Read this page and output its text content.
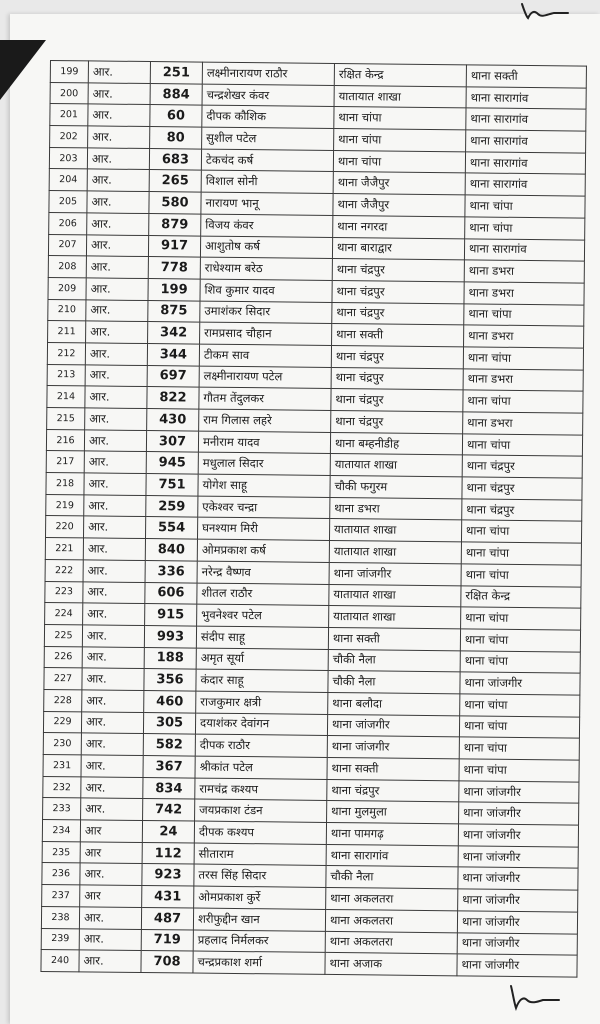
199	आर.	251	लक्ष्मीनारायण राठौर	रक्षित केन्द्र	थाना सक्ती
200	आर.	884	चन्द्रशेखर कंवर	यातायात शाखा	थाना सारागांव
201	आर.	60	दीपक कौशिक	थाना चांपा	थाना सारागांव
202	आर.	80	सुशील पटेल	थाना चांपा	थाना सारागांव
203	आर.	683	टेकचंद कर्ष	थाना चांपा	थाना सारागांव
204	आर.	265	विशाल सोनी	थाना जैजैपुर	थाना सारागांव
205	आर.	580	नारायण भानू	थाना जैजैपुर	थाना चांपा
206	आर.	879	विजय कंवर	थाना नगरदा	थाना चांपा
207	आर.	917	आशुतोष कर्ष	थाना बाराद्वार	थाना सारागांव
208	आर.	778	राधेश्याम बरेठ	थाना चंद्रपुर	थाना डभरा
209	आर.	199	शिव कुमार यादव	थाना चंद्रपुर	थाना डभरा
210	आर.	875	उमाशंकर सिदार	थाना चंद्रपुर	थाना चांपा
211	आर.	342	रामप्रसाद चौहान	थाना सक्ती	थाना डभरा
212	आर.	344	टीकम साव	थाना चंद्रपुर	थाना चांपा
213	आर.	697	लक्ष्मीनारायण पटेल	थाना चंद्रपुर	थाना डभरा
214	आर.	822	गौतम तेंदुलकर	थाना चंद्रपुर	थाना चांपा
215	आर.	430	राम गिलास लहरे	थाना चंद्रपुर	थाना डभरा
216	आर.	307	मनीराम यादव	थाना बम्हनीडीह	थाना चांपा
217	आर.	945	मधुलाल सिदार	यातायात शाखा	थाना चंद्रपुर
218	आर.	751	योगेश साहू	चौकी फगुरम	थाना चंद्रपुर
219	आर.	259	एकेश्वर चन्द्रा	थाना डभरा	थाना चंद्रपुर
220	आर.	554	घनश्याम मिरी	यातायात शाखा	थाना चांपा
221	आर.	840	ओमप्रकाश कर्ष	यातायात शाखा	थाना चांपा
222	आर.	336	नरेन्द्र वैष्णव	थाना जांजगीर	थाना चांपा
223	आर.	606	शीतल राठौर	यातायात शाखा	रक्षित केन्द्र
224	आर.	915	भुवनेश्वर पटेल	यातायात शाखा	थाना चांपा
225	आर.	993	संदीप साहू	थाना सक्ती	थाना चांपा
226	आर.	188	अमृत सूर्या	चौकी नैला	थाना चांपा
227	आर.	356	कंदार साहू	चौकी नैला	थाना जांजगीर
228	आर.	460	राजकुमार क्षत्री	थाना बलौदा	थाना चांपा
229	आर.	305	दयाशंकर देवांगन	थाना जांजगीर	थाना चांपा
230	आर.	582	दीपक राठौर	थाना जांजगीर	थाना चांपा
231	आर.	367	श्रीकांत पटेल	थाना सक्ती	थाना चांपा
232	आर.	834	रामचंद्र कश्यप	थाना चंद्रपुर	थाना जांजगीर
233	आर.	742	जयप्रकाश टंडन	थाना मुलमुला	थाना जांजगीर
234	आर	24	दीपक कश्यप	थाना पामगढ़	थाना जांजगीर
235	आर	112	सीताराम	थाना सारागांव	थाना जांजगीर
236	आर.	923	तरस सिंह सिदार	चौकी नैला	थाना जांजगीर
237	आर	431	ओमप्रकाश कुर्रे	थाना अकलतरा	थाना जांजगीर
238	आर.	487	शरीफुद्दीन खान	थाना अकलतरा	थाना जांजगीर
239	आर.	719	प्रहलाद निर्मलकर	थाना अकलतरा	थाना जांजगीर
240	आर.	708	चन्द्रप्रकाश शर्मा	थाना अजाक	थाना जांजगीर
